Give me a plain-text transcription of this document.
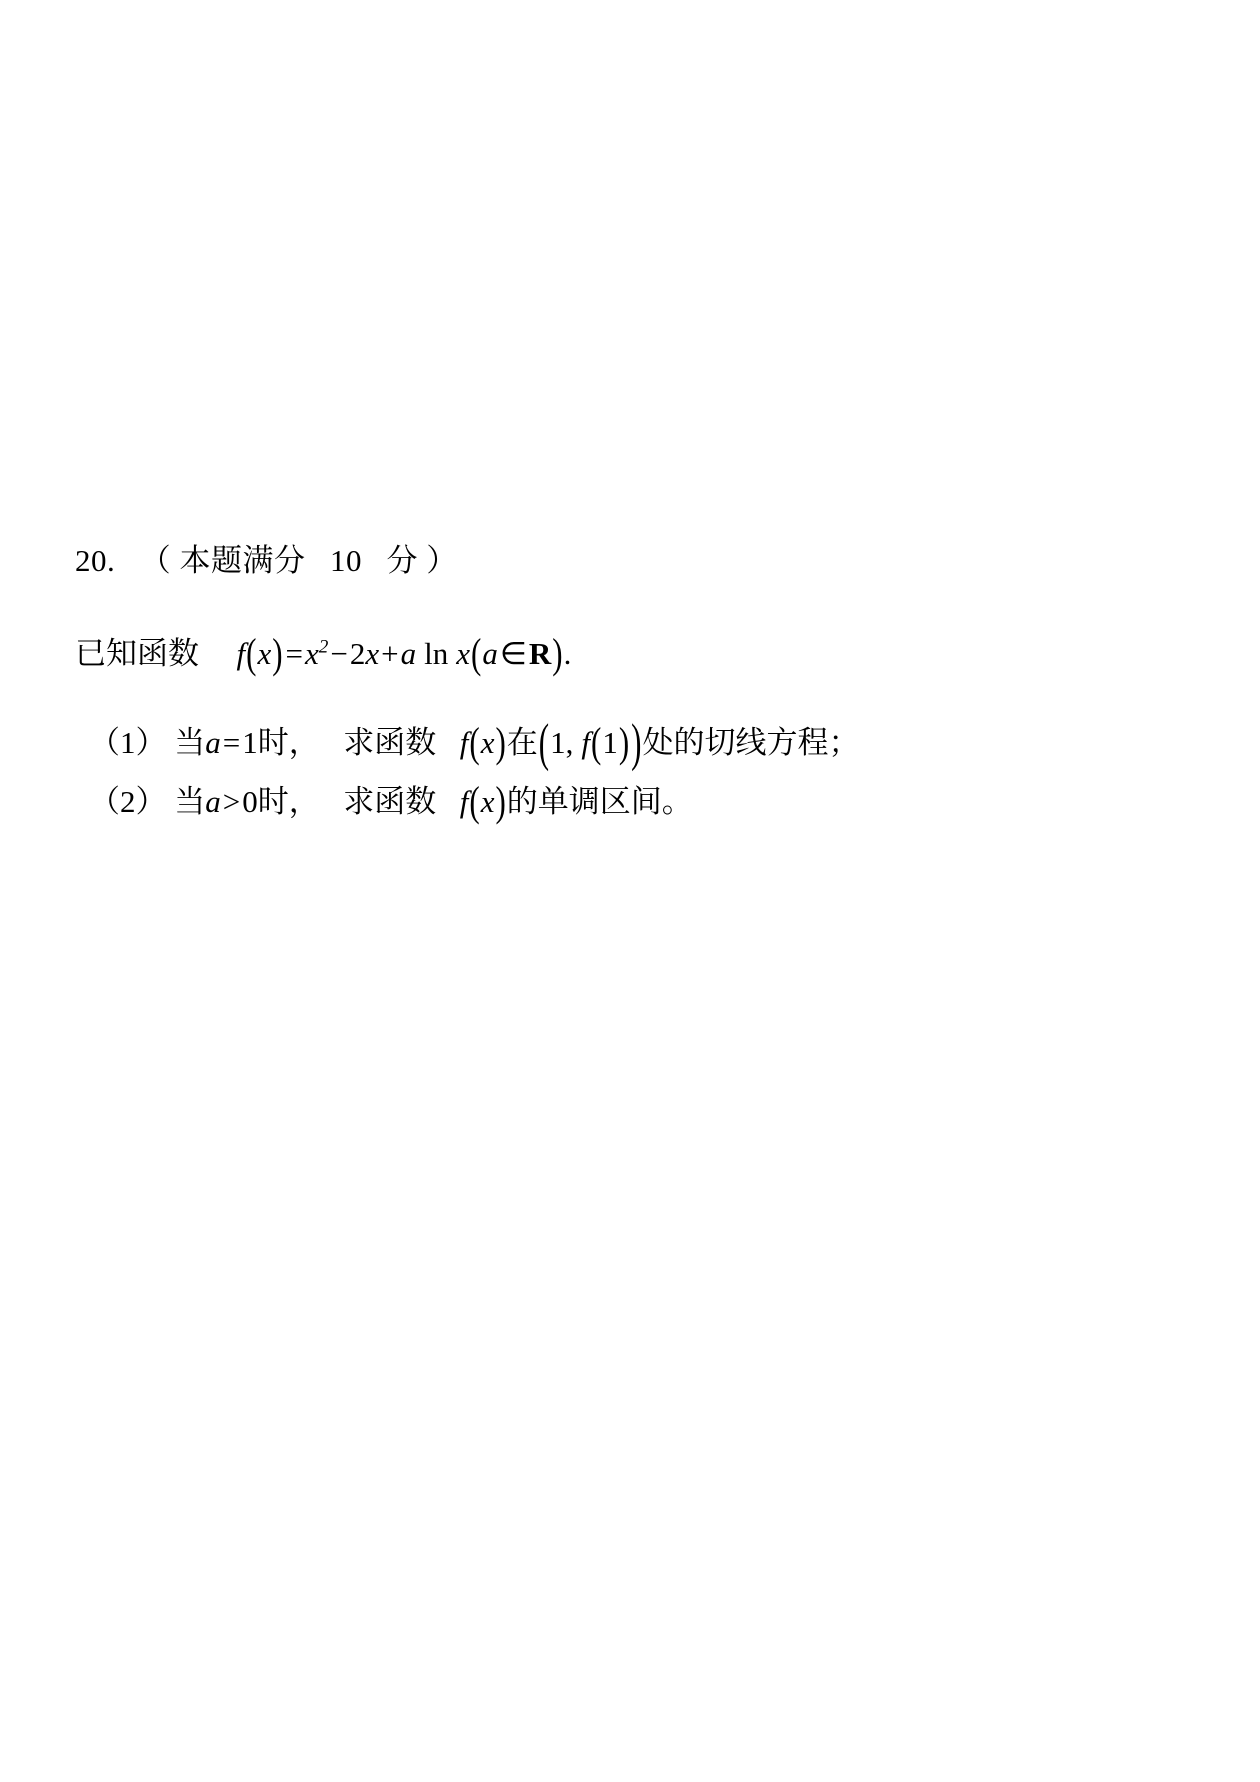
20. （ 本题满分 10 分 ）
已知函数 $f(x)=x^2-2x+a$ ln x(a∈R).
（1） 当a=1时， 求函数 f(x)在(1, f(1))处的切线方程；
（2） 当a>0时， 求函数 f(x)的单调区间。
